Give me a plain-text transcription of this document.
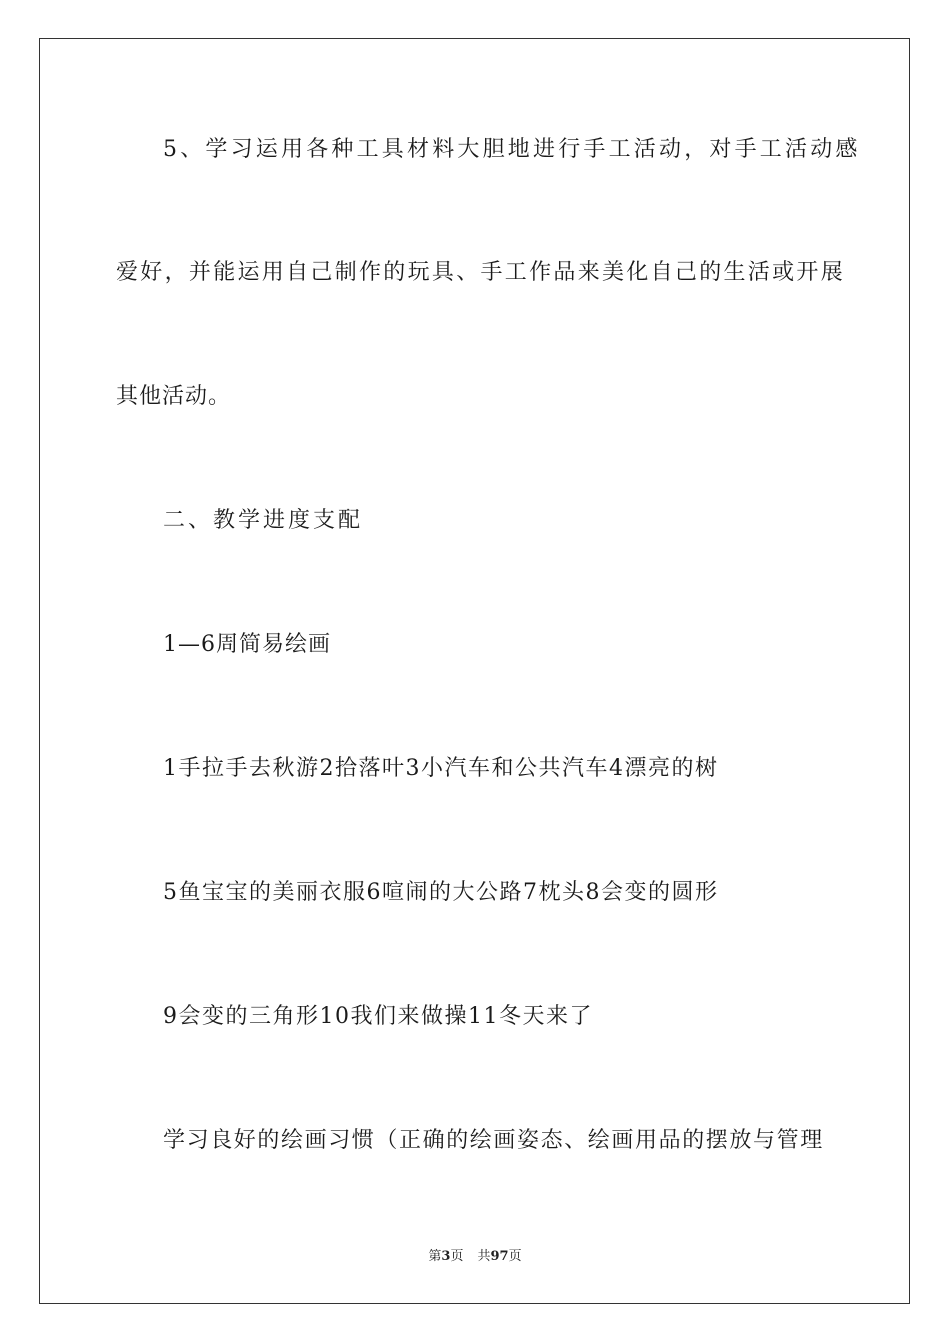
5、学习运用各种工具材料大胆地进行手工活动，对手工活动感
爱好，并能运用自己制作的玩具、手工作品来美化自己的生活或开展
其他活动。
二、教学进度支配
1—6周简易绘画
1手拉手去秋游2拾落叶3小汽车和公共汽车4漂亮的树
5鱼宝宝的美丽衣服6喧闹的大公路7枕头8会变的圆形
9会变的三角形10我们来做操11冬天来了
学习良好的绘画习惯（正确的绘画姿态、绘画用品的摆放与管理
第3页 共97页
